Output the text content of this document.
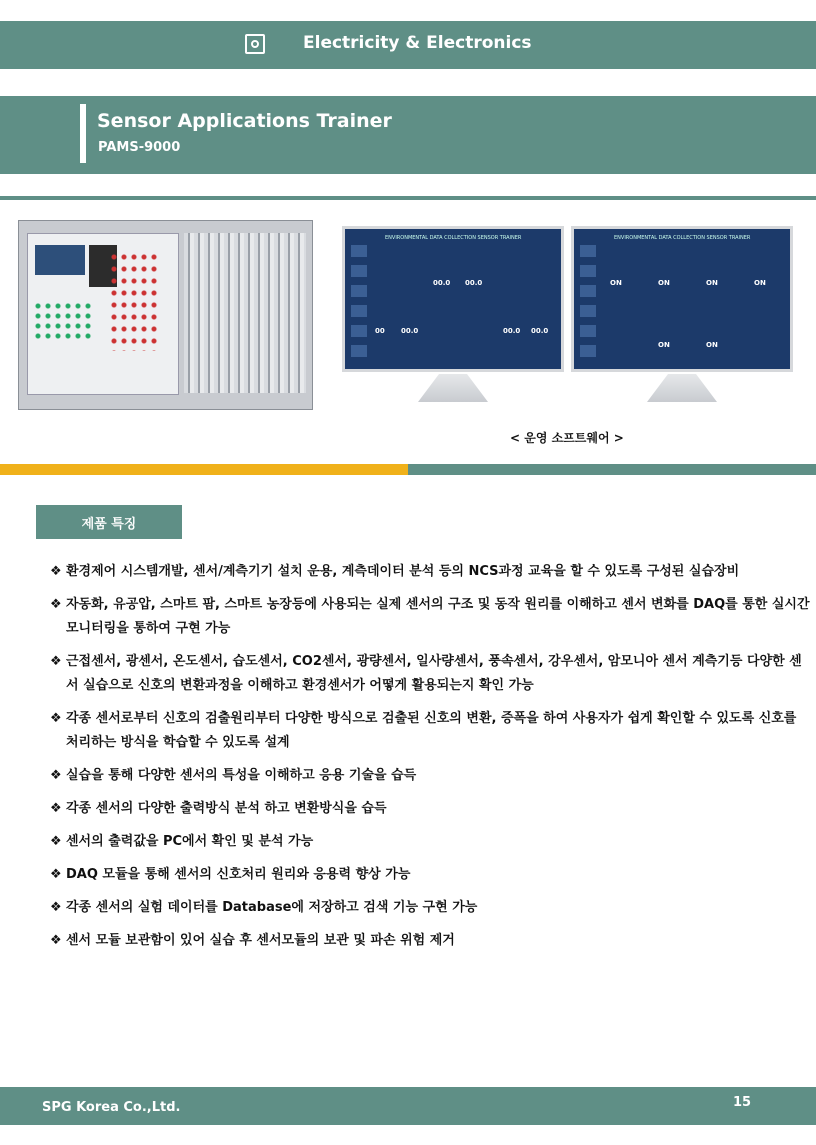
Electricity & Electronics
Sensor Applications Trainer
PAMS-9000
ENVIRONMENTAL DATA COLLECTION SENSOR TRAINER
00.0 00.0
00 00.0	00.0 00.0
ENVIRONMENTAL DATA COLLECTION SENSOR TRAINER
ON	ON	ON	ON
ON	ON
< 운영 소프트웨어 >
제품 특징
❖ 환경제어 시스템개발, 센서/계측기기 설치 운용, 계측데이터 분석 등의 NCS과정 교육을 할 수 있도록 구성된 실습장비
❖ 자동화, 유공압, 스마트 팜, 스마트 농장등에 사용되는 실제 센서의 구조 및 동작 원리를 이해하고 센서 변화를 DAQ를 통한 실시간 모니터링을 통하여 구현 가능
❖ 근접센서, 광센서, 온도센서, 습도센서, CO2센서, 광량센서, 일사량센서, 풍속센서, 강우센서, 암모니아 센서 계측기등 다양한 센서 실습으로 신호의 변환과정을 이해하고 환경센서가 어떻게 활용되는지 확인 가능
❖ 각종 센서로부터 신호의 검출원리부터 다양한 방식으로 검출된 신호의 변환, 증폭을 하여 사용자가 쉽게 확인할 수 있도록 신호를 처리하는 방식을 학습할 수 있도록 설계
❖ 실습을 통해 다양한 센서의 특성을 이해하고 응용 기술을 습득
❖ 각종 센서의 다양한 출력방식 분석 하고 변환방식을 습득
❖ 센서의 출력값을 PC에서 확인 및 분석 가능
❖ DAQ 모듈을 통해 센서의 신호처리 원리와 응용력 향상 가능
❖ 각종 센서의 실험 데이터를 Database에 저장하고 검색 기능 구현 가능
❖ 센서 모듈 보관함이 있어 실습 후 센서모듈의 보관 및 파손 위험 제거
SPG Korea Co.,Ltd.	15
